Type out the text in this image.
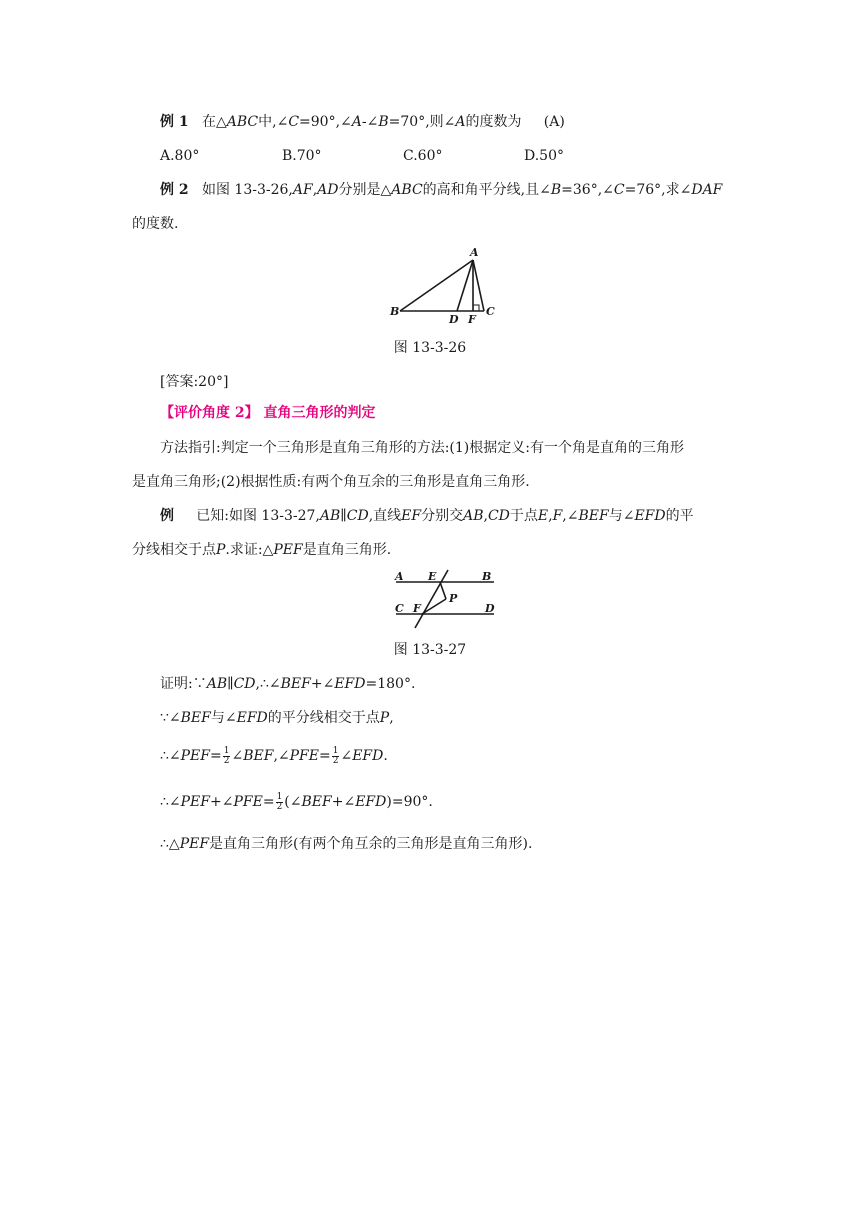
例 1 在△ABC中,∠C=90°,∠A-∠B=70°,则∠A的度数为 (A)
A.80°	B.70°	C.60°	D.50°
例 2 如图 13-3-26,AF,AD分别是△ABC的高和角平分线,且∠B=36°,∠C=76°,求∠DAF
的度数.
A
B
D F
C
图 13-3-26
[答案:20°]
【评价角度 2】 直角三角形的判定
方法指引:判定一个三角形是直角三角形的方法:(1)根据定义:有一个角是直角的三角形
是直角三角形;(2)根据性质:有两个角互余的三角形是直角三角形.
例 已知:如图 13-3-27,AB∥CD,直线EF分别交AB,CD于点E,F,∠BEF与∠EFD的平
分线相交于点P.求证:△PEF是直角三角形.
A E	B
P
C F	D
图 13-3-27
证明:∵AB∥CD,∴∠BEF+∠EFD=180°.
∵∠BEF与∠EFD的平分线相交于点P,
∴∠PEF= $\frac{1}{2}$ ∠BEF,∠PFE= $\frac{1}{2}$ ∠EFD.
∴∠PEF+∠PFE= $\frac{1}{2}$ (∠BEF+∠EFD)=90°.
∴△PEF是直角三角形(有两个角互余的三角形是直角三角形).
